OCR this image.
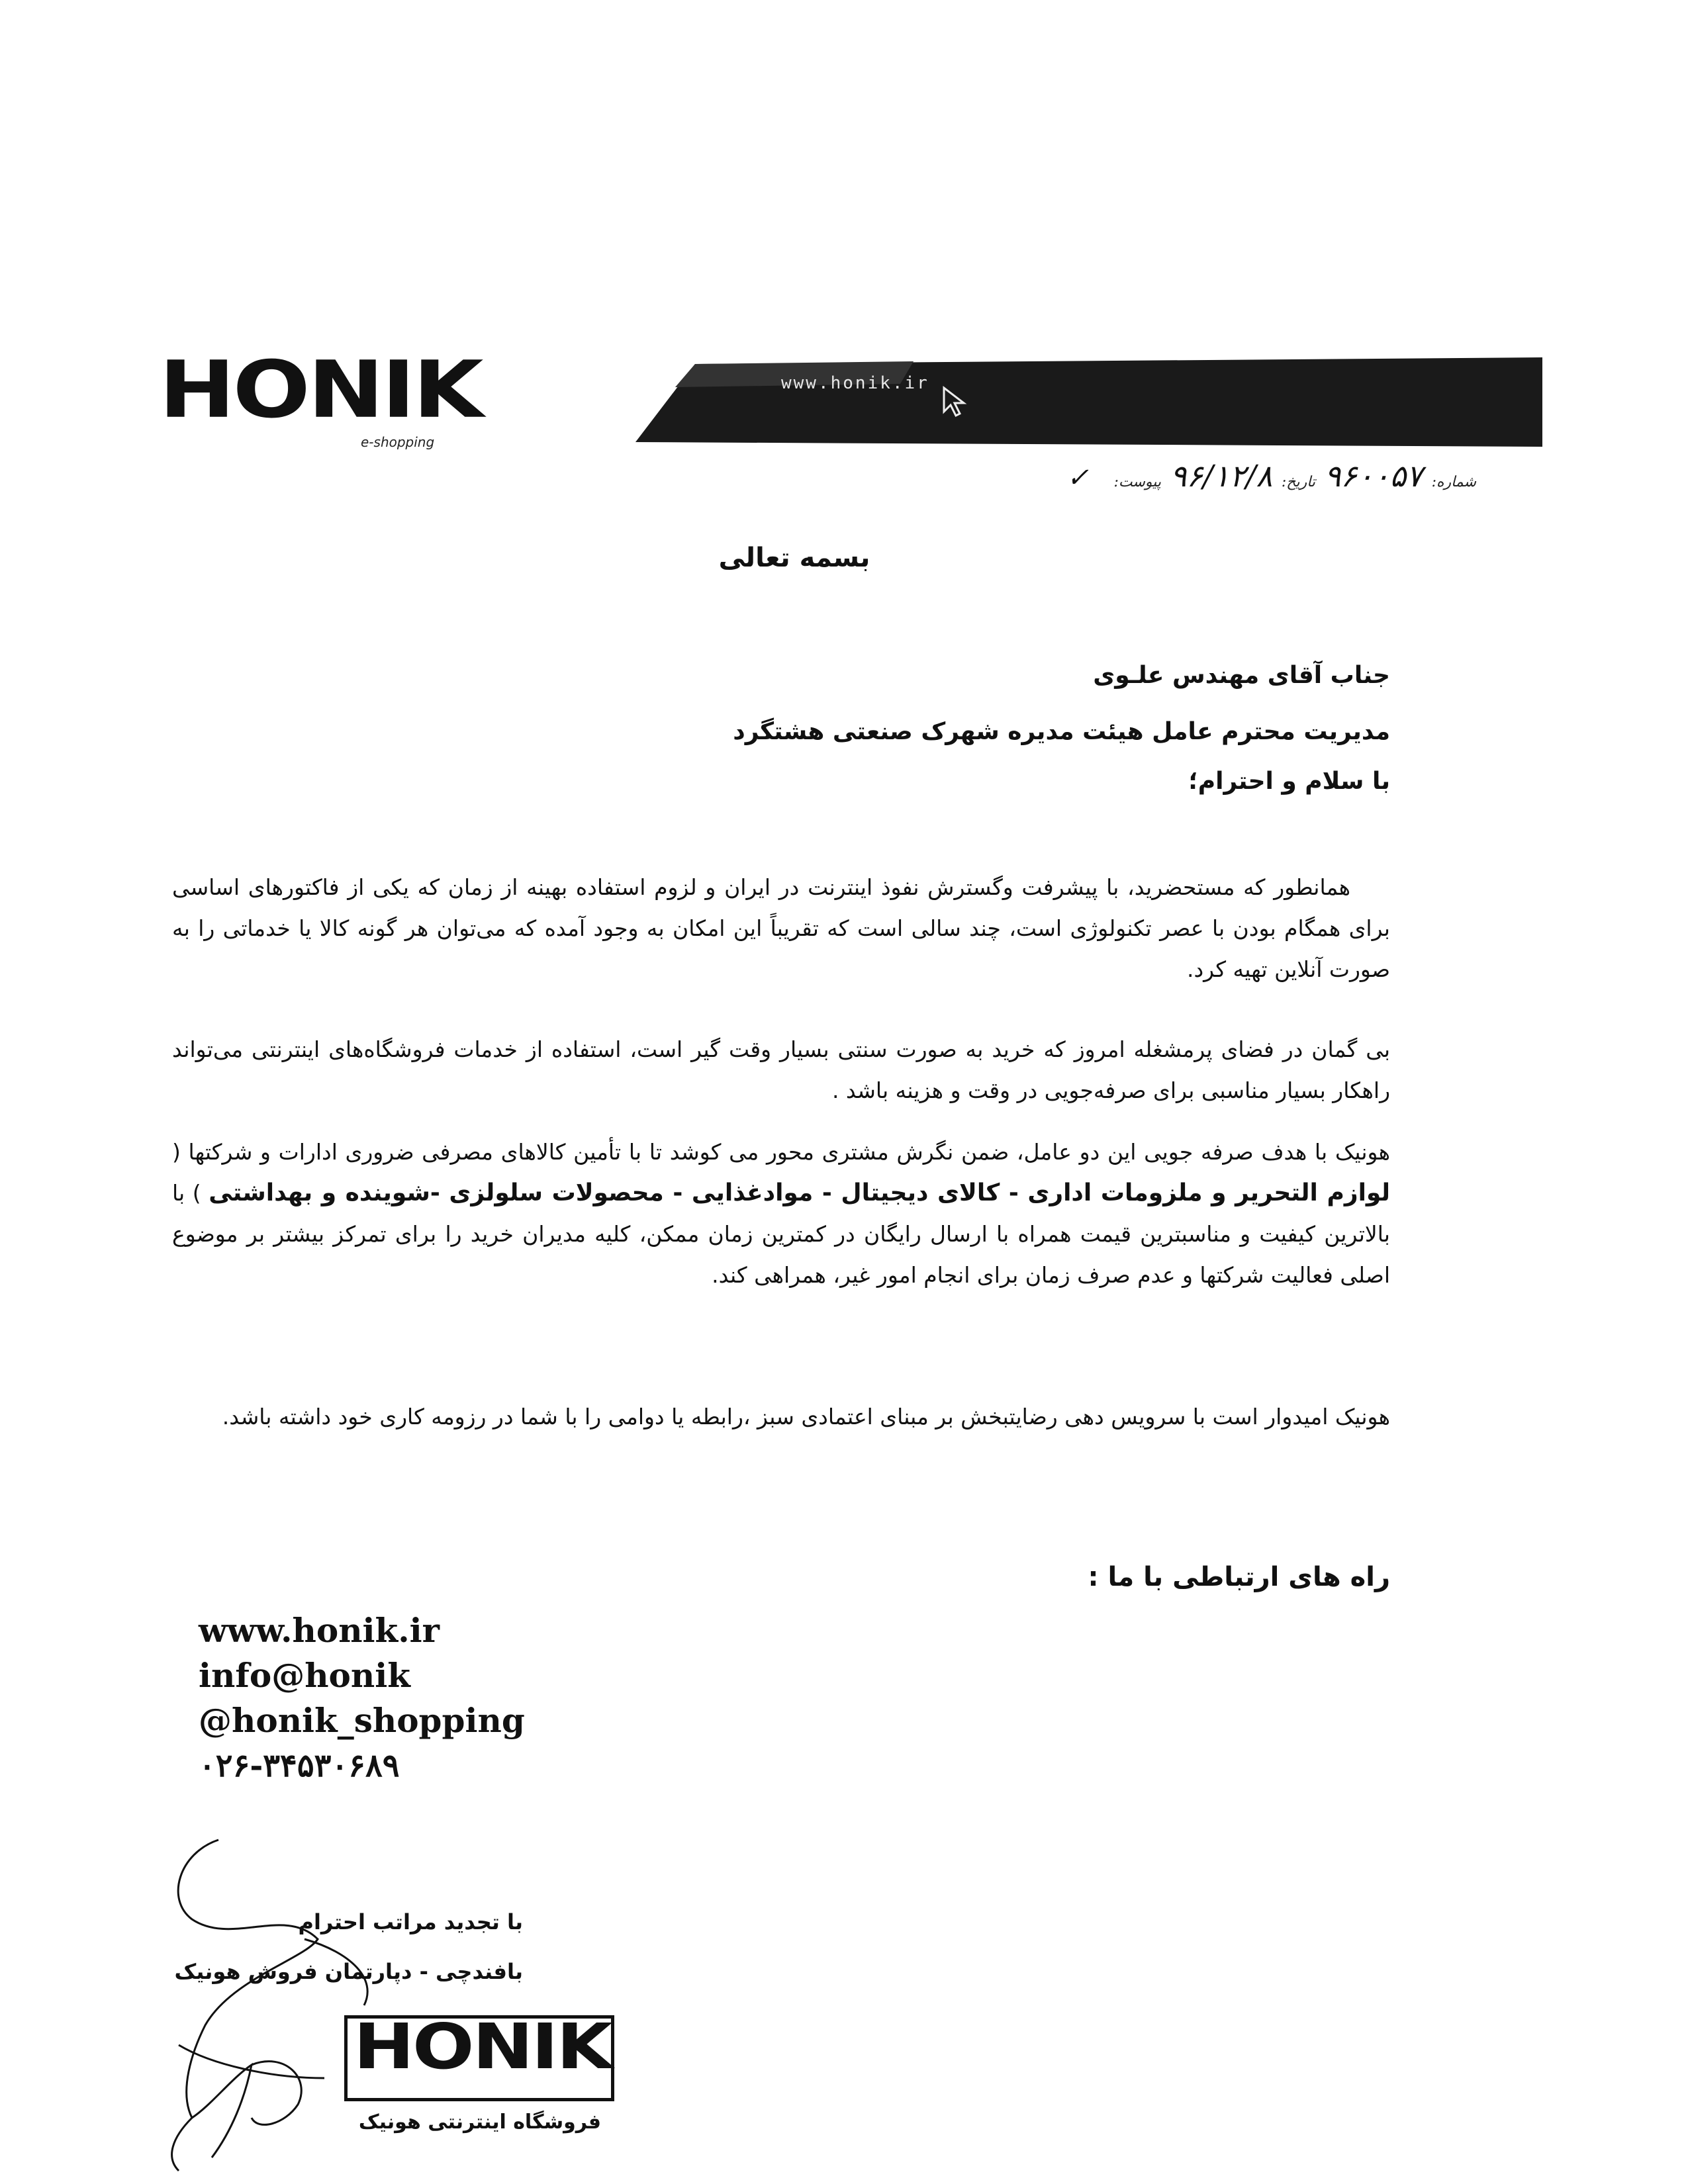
HONIK
e-shopping
www.honik.ir
شماره: ۹۶۰۰۵۷ تاریخ: ۹۶/۱۲/۸ پیوست: ✓
بسمه تعالی
جناب آقای مهندس علـوی
مدیریت محترم عامل هیئت مدیره شهرک صنعتی هشتگرد
با سلام و احترام؛
همانطور که مستحضرید، با پیشرفت وگسترش نفوذ اینترنت در ایران و لزوم استفاده بهینه از زمان که یکی از فاکتورهای اساسی برای همگام بودن با عصر تکنولوژی است، چند سالی است که تقریباً این امکان به وجود آمده که می‌توان هر گونه کالا یا خدماتی را به صورت آنلاین تهیه کرد.
بی گمان در فضای پرمشغله امروز که خرید به صورت سنتی بسیار وقت گیر است، استفاده از خدمات فروشگاه‌های اینترنتی می‌تواند راهکار بسیار مناسبی برای صرفه‌جویی در وقت و هزینه باشد .
هونیک با هدف صرفه جویی این دو عامل، ضمن نگرش مشتری محور می کوشد تا با تأمین کالاهای مصرفی ضروری ادارات و شرکتها ( لوازم التحریر و ملزومات اداری - کالای دیجیتال - موادغذایی - محصولات سلولزی -شوینده و بهداشتی ) با بالاترین کیفیت و مناسبترین قیمت همراه با ارسال رایگان در کمترین زمان ممکن، کلیه مدیران خرید را برای تمرکز بیشتر بر موضوع اصلی فعالیت شرکتها و عدم صرف زمان برای انجام امور غیر، همراهی کند.
هونیک امیدوار است با سرویس دهی رضایتبخش بر مبنای اعتمادی سبز ،رابطه یا دوامی را با شما در رزومه کاری خود داشته باشد.
راه های ارتباطی با ما :
www.honik.ir
info@honik
@honik_shopping
۰۲۶-۳۴۵۳۰۶۸۹
با تجدید مراتب احترام
بافندچی - دپارتمان فروش هونیک
HONIK
فروشگاه اینترنتی هونیک
